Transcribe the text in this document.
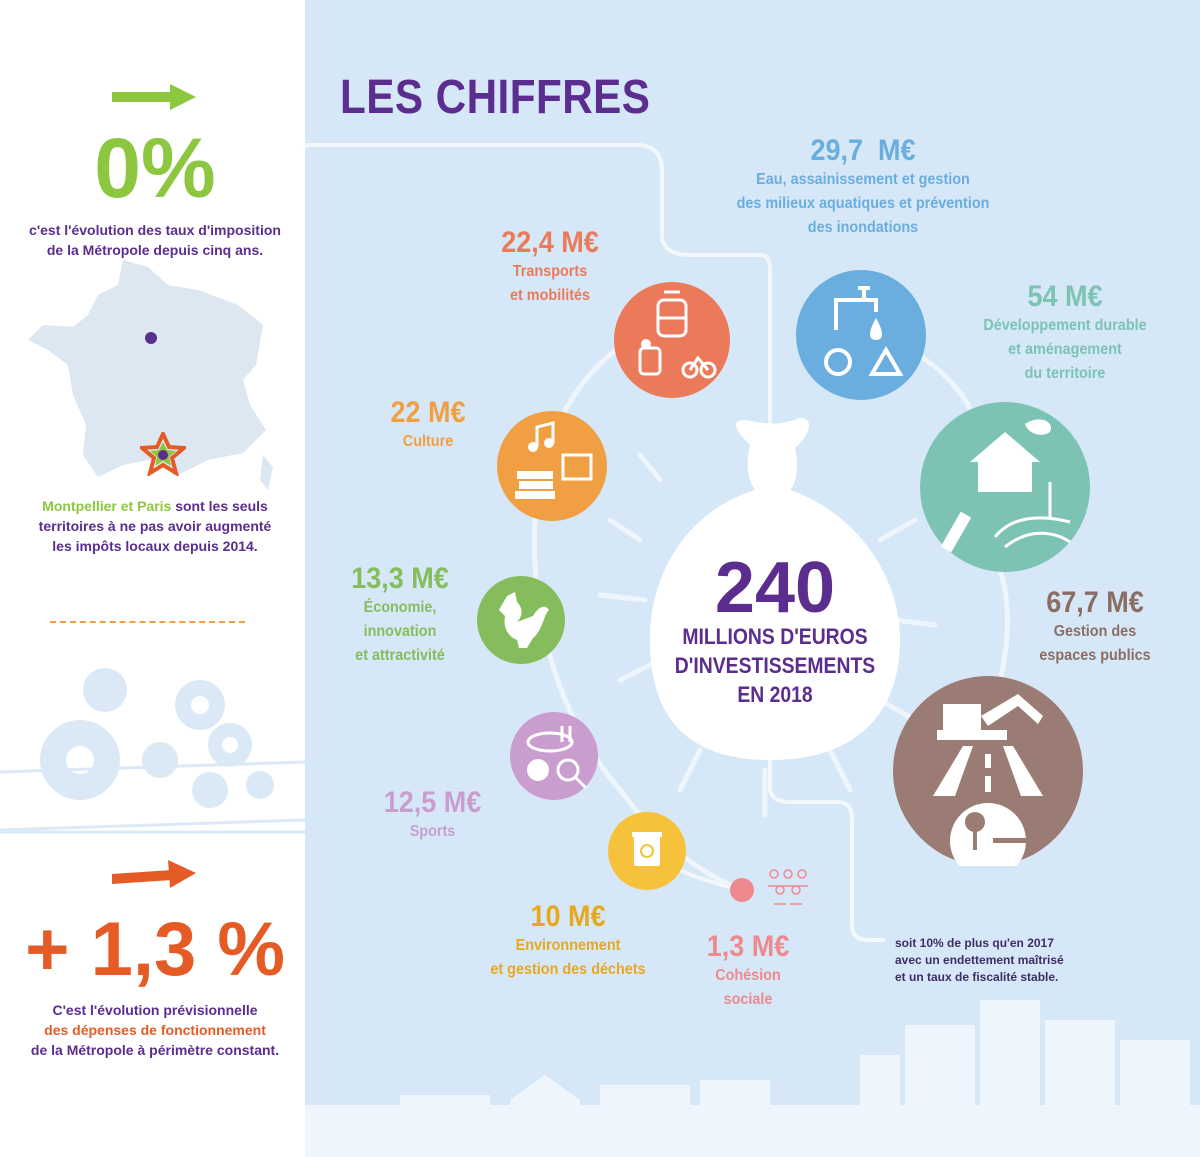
0%
c'est l'évolution des taux d'imposition
de la Métropole depuis cinq ans.
Montpellier et Paris sont les seuls
territoires à ne pas avoir augmenté
les impôts locaux depuis 2014.
+ 1,3 %
C'est l'évolution prévisionnelle
des dépenses de fonctionnement
de la Métropole à périmètre constant.
LES CHIFFRES
240
MILLIONS D'EUROS
D'INVESTISSEMENTS
EN 2018
soit 10% de plus qu'en 2017
avec un endettement maîtrisé
et un taux de fiscalité stable.
22,4 M€
Transports
et mobilités
29,7  M€
Eau, assainissement et gestion
des milieux aquatiques et prévention
des inondations
54 M€
Développement durable
et aménagement
du territoire
67,7 M€
Gestion des
espaces publics
22 M€
Culture
13,3 M€
Économie,
innovation
et attractivité
12,5 M€
Sports
10 M€
Environnement
et gestion des déchets
1,3 M€
Cohésion
sociale
